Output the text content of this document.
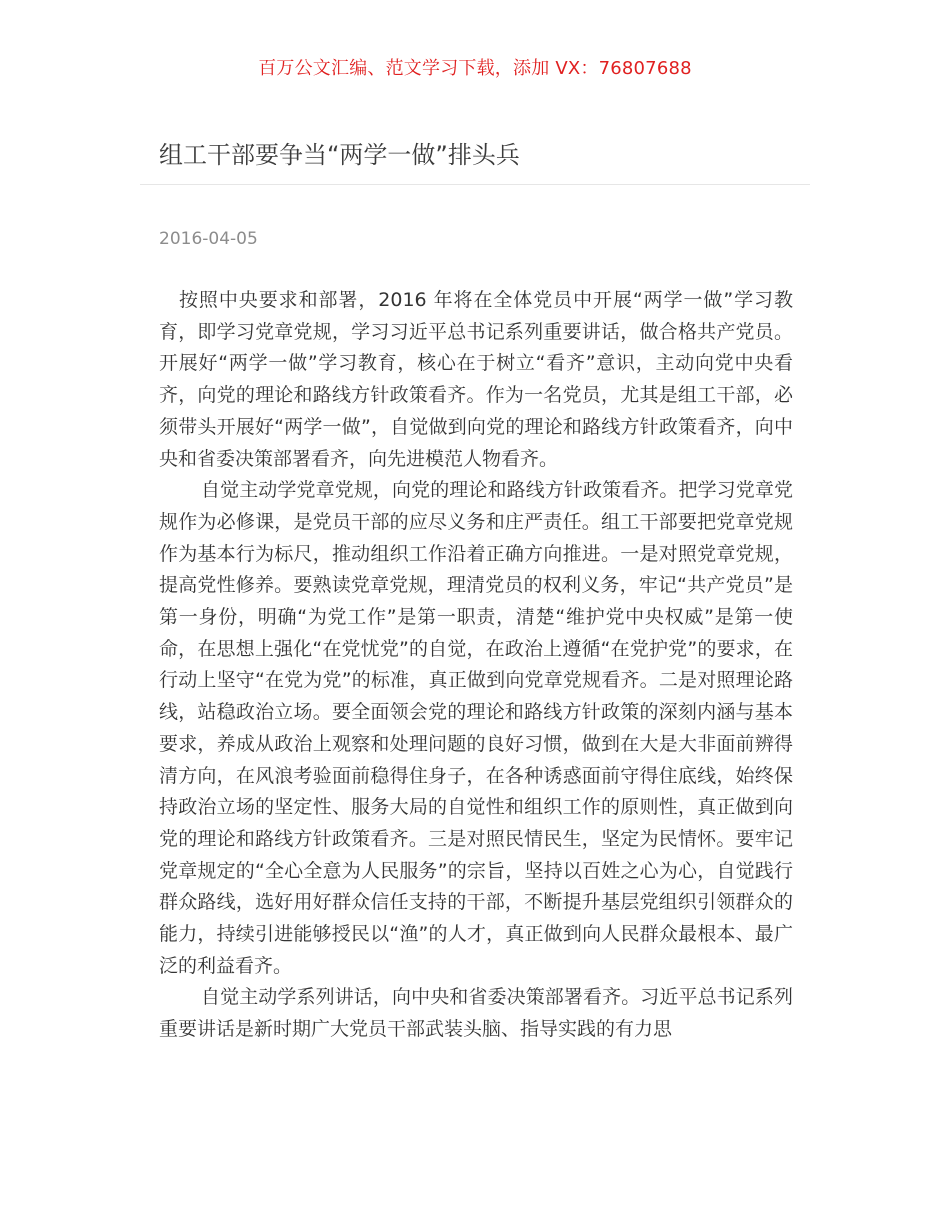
百万公文汇编、范文学习下载，添加 VX：76807688
组工干部要争当“两学一做”排头兵
2016-04-05

按照中央要求和部署，2016 年将在全体党员中开展“两学一做”学习教育，即学习党章党规，学习习近平总书记系列重要讲话，做合格共产党员。开展好“两学一做”学习教育，核心在于树立“看齐”意识，主动向党中央看齐，向党的理论和路线方针政策看齐。作为一名党员，尤其是组工干部，必须带头开展好“两学一做”，自觉做到向党的理论和路线方针政策看齐，向中央和省委决策部署看齐，向先进模范人物看齐。

自觉主动学党章党规，向党的理论和路线方针政策看齐。把学习党章党规作为必修课，是党员干部的应尽义务和庄严责任。组工干部要把党章党规作为基本行为标尺，推动组织工作沿着正确方向推进。一是对照党章党规，提高党性修养。要熟读党章党规，理清党员的权利义务，牢记“共产党员”是第一身份，明确“为党工作”是第一职责，清楚“维护党中央权威”是第一使命，在思想上强化“在党忧党”的自觉，在政治上遵循“在党护党”的要求，在行动上坚守“在党为党”的标准，真正做到向党章党规看齐。二是对照理论路线，站稳政治立场。要全面领会党的理论和路线方针政策的深刻内涵与基本要求，养成从政治上观察和处理问题的良好习惯，做到在大是大非面前辨得清方向，在风浪考验面前稳得住身子，在各种诱惑面前守得住底线，始终保持政治立场的坚定性、服务大局的自觉性和组织工作的原则性，真正做到向党的理论和路线方针政策看齐。三是对照民情民生，坚定为民情怀。要牢记党章规定的“全心全意为人民服务”的宗旨，坚持以百姓之心为心，自觉践行群众路线，选好用好群众信任支持的干部，不断提升基层党组织引领群众的能力，持续引进能够授民以“渔”的人才，真正做到向人民群众最根本、最广泛的利益看齐。

自觉主动学系列讲话，向中央和省委决策部署看齐。习近平总书记系列重要讲话是新时期广大党员干部武装头脑、指导实践的有力思
